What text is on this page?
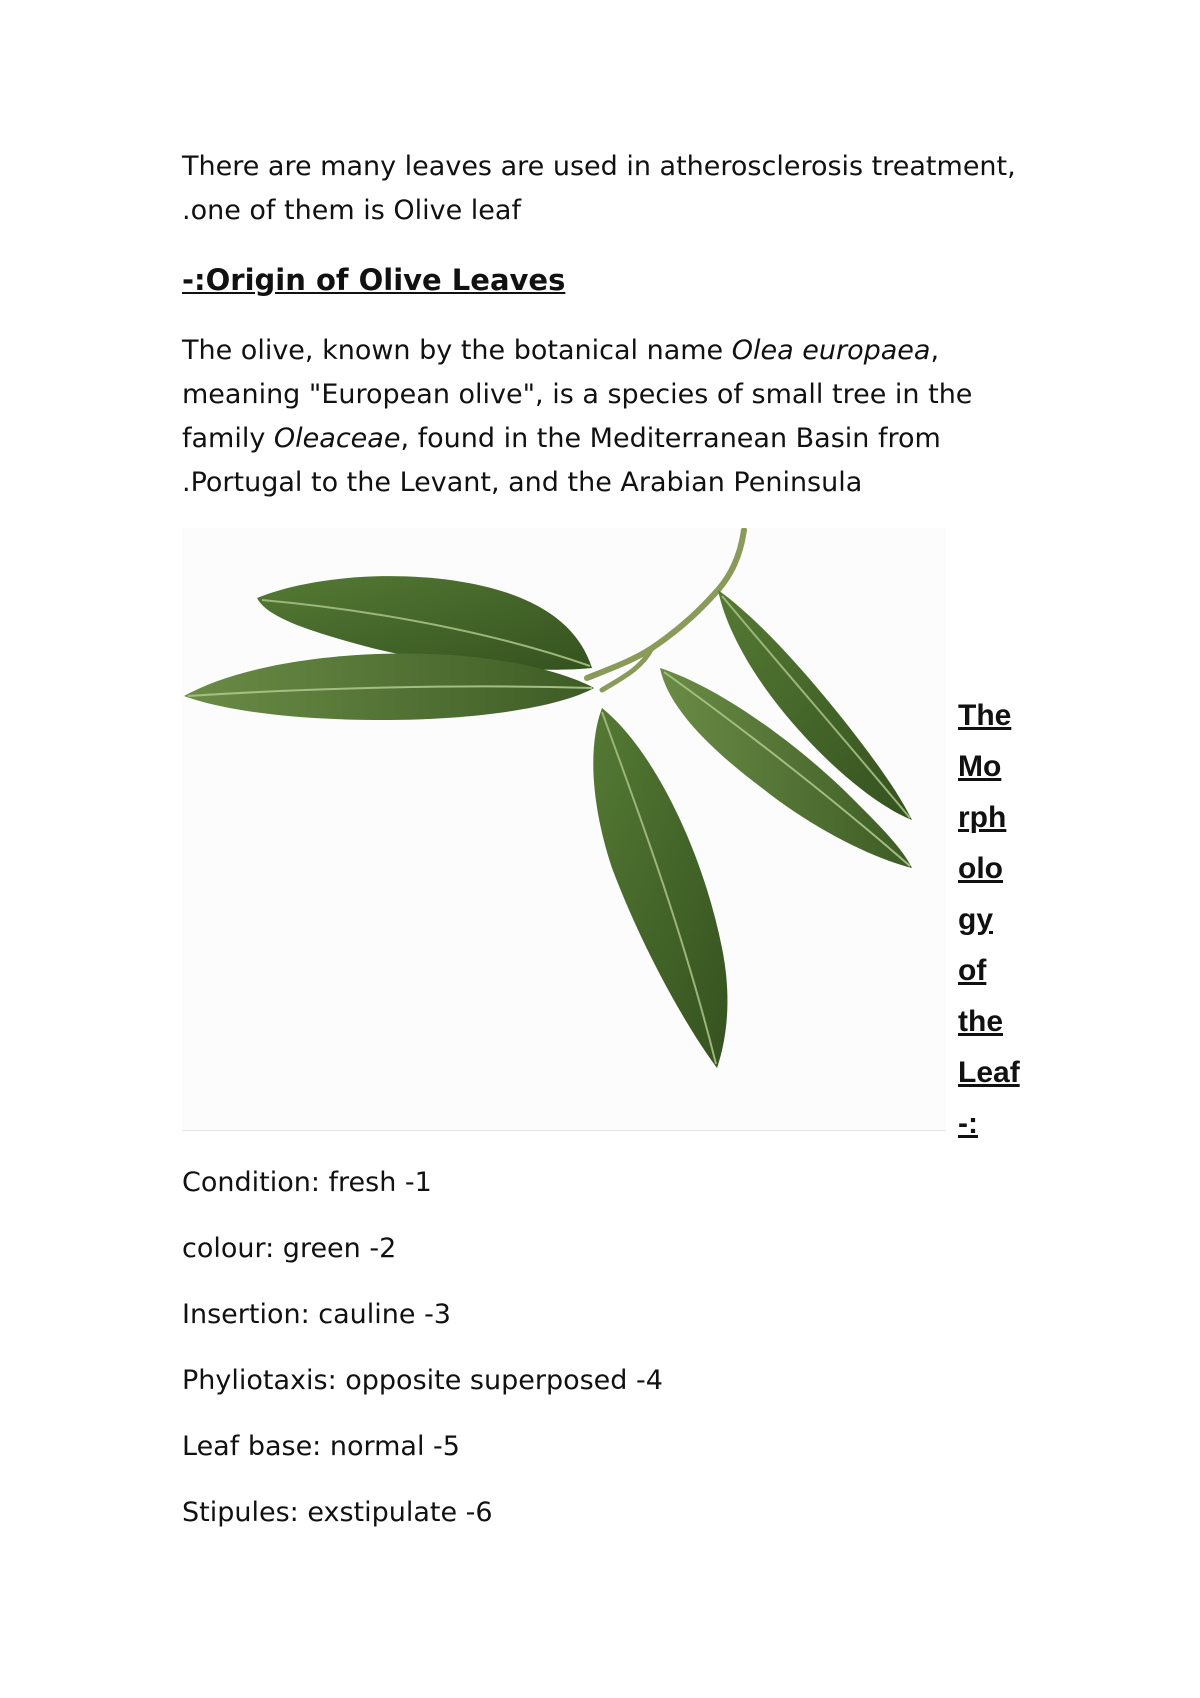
There are many leaves are used in atherosclerosis treatment,

.one of them is Olive leaf

-:Origin of Olive Leaves

The olive, known by the botanical name Olea europaea,

meaning "European olive", is a species of small tree in the

family Oleaceae, found in the Mediterranean Basin from

.Portugal to the Levant, and the Arabian Peninsula

The
Mo
rph
olo
gy
of
the
Leaf
-:
Condition: fresh -1
colour: green -2
Insertion: cauline -3
Phyliotaxis: opposite superposed -4
Leaf base: normal -5
Stipules: exstipulate -6
